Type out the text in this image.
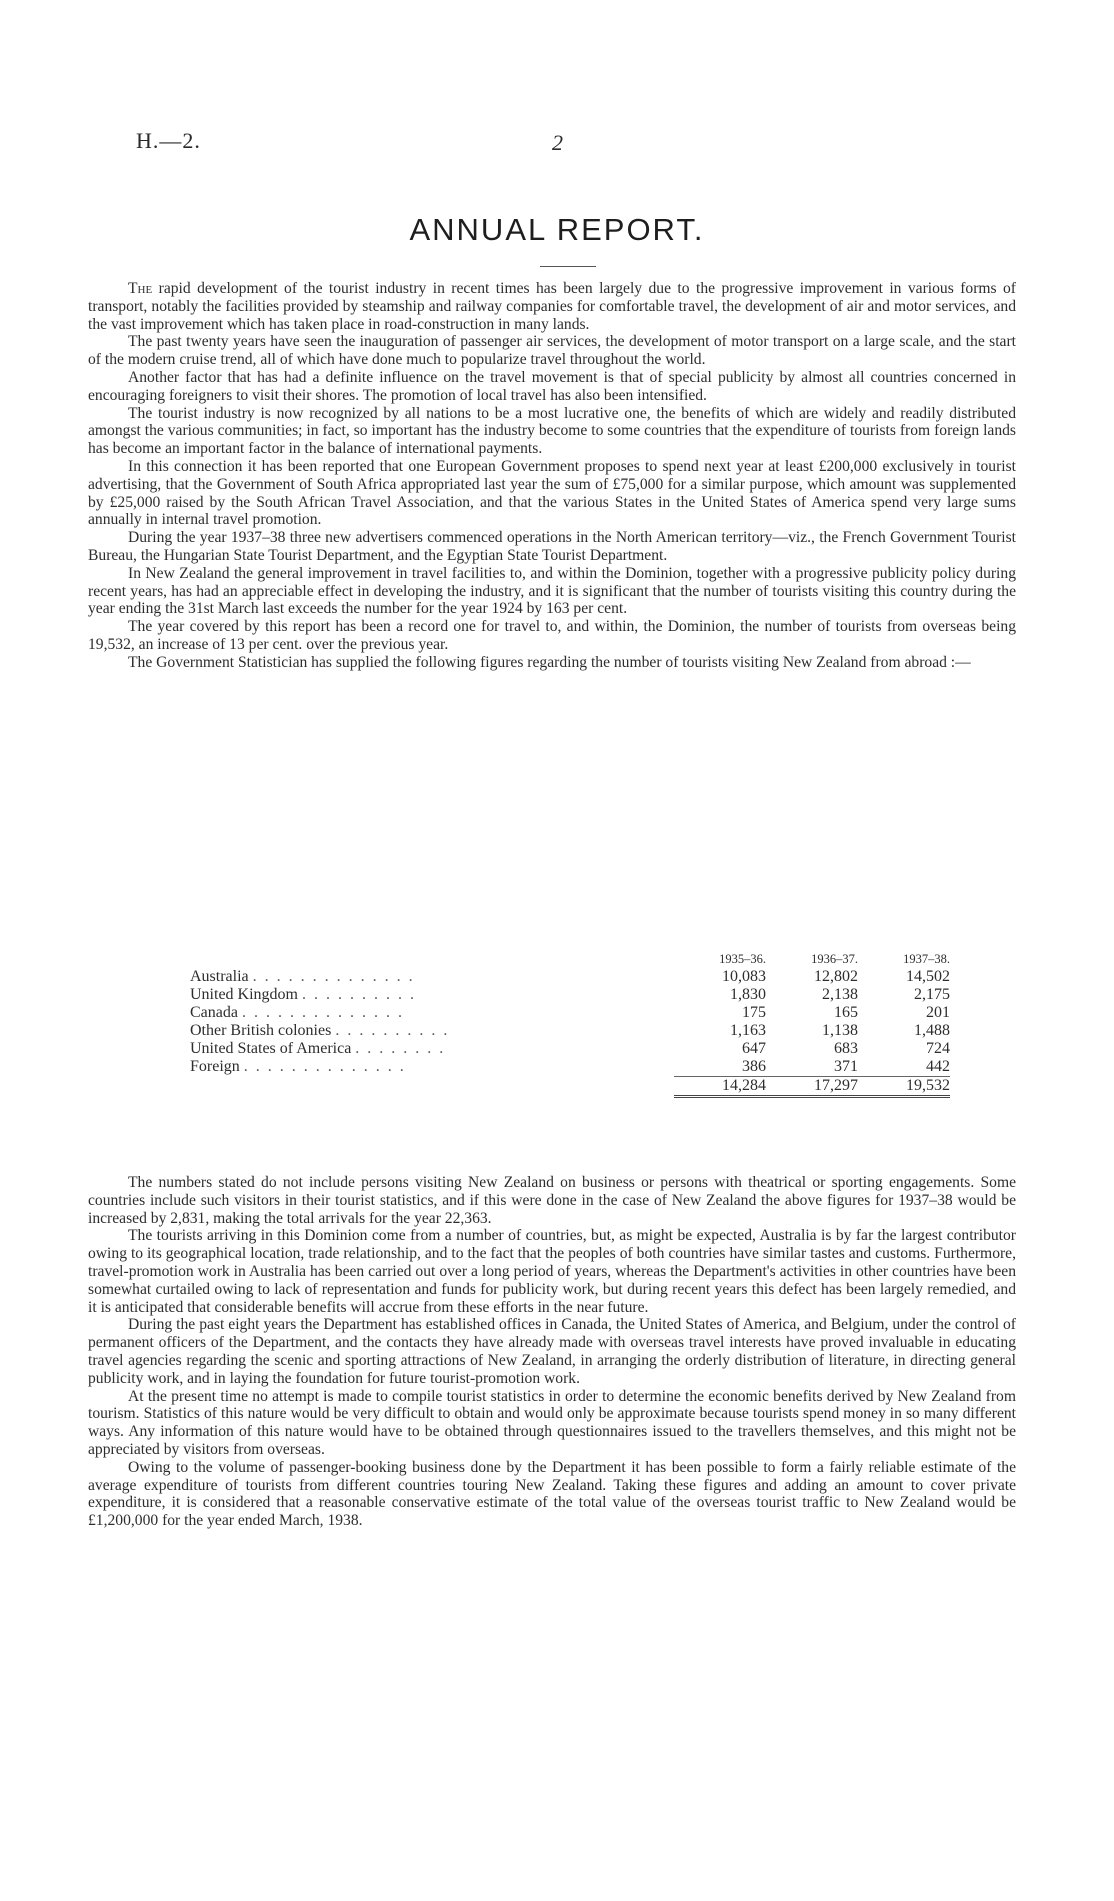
H.—2.	2
ANNUAL REPORT.

The rapid development of the tourist industry in recent times has been largely due to the progressive improvement in various forms of transport, notably the facilities provided by steamship and railway companies for comfortable travel, the development of air and motor services, and the vast improvement which has taken place in road-construction in many lands.

The past twenty years have seen the inauguration of passenger air services, the development of motor transport on a large scale, and the start of the modern cruise trend, all of which have done much to popularize travel throughout the world.

Another factor that has had a definite influence on the travel movement is that of special publicity by almost all countries concerned in encouraging foreigners to visit their shores. The promotion of local travel has also been intensified.

The tourist industry is now recognized by all nations to be a most lucrative one, the benefits of which are widely and readily distributed amongst the various communities; in fact, so important has the industry become to some countries that the expenditure of tourists from foreign lands has become an important factor in the balance of international payments.

In this connection it has been reported that one European Government proposes to spend next year at least £200,000 exclusively in tourist advertising, that the Government of South Africa appropriated last year the sum of £75,000 for a similar purpose, which amount was supplemented by £25,000 raised by the South African Travel Association, and that the various States in the United States of America spend very large sums annually in internal travel promotion.

During the year 1937–38 three new advertisers commenced operations in the North American territory—viz., the French Government Tourist Bureau, the Hungarian State Tourist Department, and the Egyptian State Tourist Department.

In New Zealand the general improvement in travel facilities to, and within the Dominion, together with a progressive publicity policy during recent years, has had an appreciable effect in developing the industry, and it is significant that the number of tourists visiting this country during the year ending the 31st March last exceeds the number for the year 1924 by 163 per cent.

The year covered by this report has been a record one for travel to, and within, the Dominion, the number of tourists from overseas being 19,532, an increase of 13 per cent. over the previous year.

The Government Statistician has supplied the following figures regarding the number of tourists visiting New Zealand from abroad :—

	1935–36.	1936–37.	1937–38.
Australia . . . . . . . . . . . . . .	10,083	12,802	14,502
United Kingdom . . . . . . . . . .	1,830	2,138	2,175
Canada . . . . . . . . . . . . . .	175	165	201
Other British colonies . . . . . . . . . .	1,163	1,138	1,488
United States of America . . . . . . . .	647	683	724
Foreign . . . . . . . . . . . . . .	386	371	442
	14,284	17,297	19,532

The numbers stated do not include persons visiting New Zealand on business or persons with theatrical or sporting engagements. Some countries include such visitors in their tourist statistics, and if this were done in the case of New Zealand the above figures for 1937–38 would be increased by 2,831, making the total arrivals for the year 22,363.

The tourists arriving in this Dominion come from a number of countries, but, as might be expected, Australia is by far the largest contributor owing to its geographical location, trade relationship, and to the fact that the peoples of both countries have similar tastes and customs. Furthermore, travel-promotion work in Australia has been carried out over a long period of years, whereas the Department's activities in other countries have been somewhat curtailed owing to lack of representation and funds for publicity work, but during recent years this defect has been largely remedied, and it is anticipated that considerable benefits will accrue from these efforts in the near future.

During the past eight years the Department has established offices in Canada, the United States of America, and Belgium, under the control of permanent officers of the Department, and the contacts they have already made with overseas travel interests have proved invaluable in educating travel agencies regarding the scenic and sporting attractions of New Zealand, in arranging the orderly distribution of literature, in directing general publicity work, and in laying the foundation for future tourist-promotion work.

At the present time no attempt is made to compile tourist statistics in order to determine the economic benefits derived by New Zealand from tourism. Statistics of this nature would be very difficult to obtain and would only be approximate because tourists spend money in so many different ways. Any information of this nature would have to be obtained through questionnaires issued to the travellers themselves, and this might not be appreciated by visitors from overseas.

Owing to the volume of passenger-booking business done by the Department it has been possible to form a fairly reliable estimate of the average expenditure of tourists from different countries touring New Zealand. Taking these figures and adding an amount to cover private expenditure, it is considered that a reasonable conservative estimate of the total value of the overseas tourist traffic to New Zealand would be £1,200,000 for the year ended March, 1938.
